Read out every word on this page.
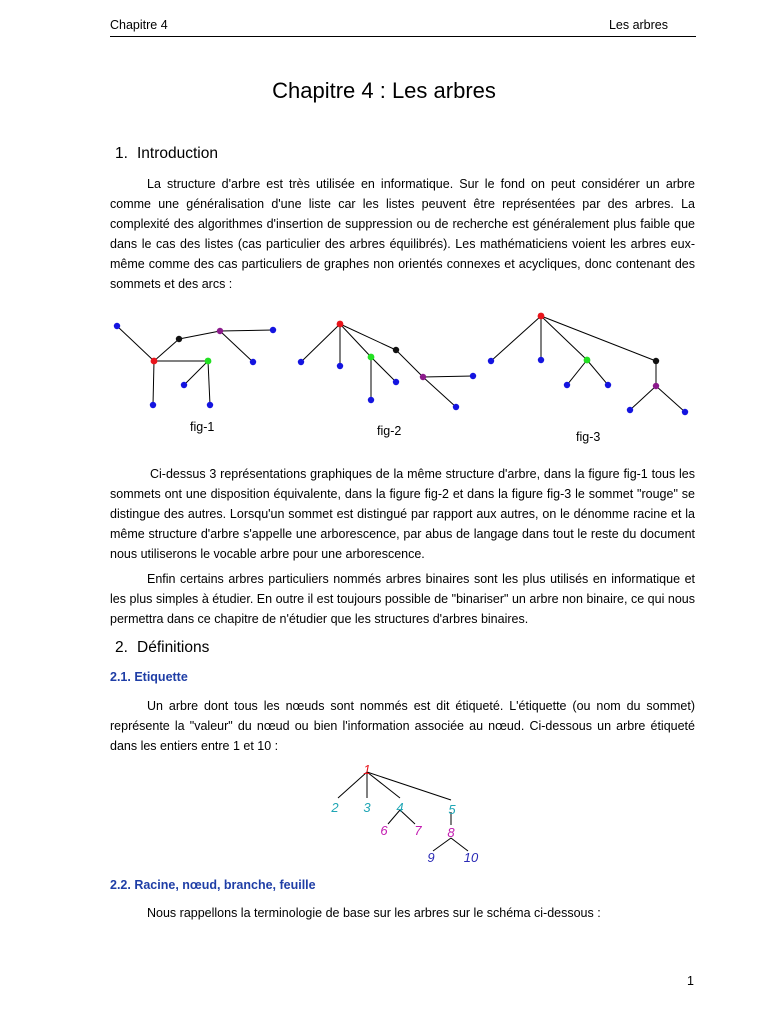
Chapitre 4	Les arbres
Chapitre 4 : Les arbres
1. Introduction
La structure d'arbre est très utilisée en informatique. Sur le fond on peut considérer un arbre comme une généralisation d'une liste car les listes peuvent être représentées par des arbres. La complexité des algorithmes d'insertion de suppression ou de recherche est généralement plus faible que dans le cas des listes (cas particulier des arbres équilibrés). Les mathématiciens voient les arbres eux-même comme des cas particuliers de graphes non orientés connexes et acycliques, donc contenant des sommets et des arcs :
fig-1	fig-2	fig-3
Ci-dessus 3 représentations graphiques de la même structure d'arbre, dans la figure fig-1 tous les sommets ont une disposition équivalente, dans la figure fig-2 et dans la figure fig-3 le sommet "rouge" se distingue des autres. Lorsqu'un sommet est distingué par rapport aux autres, on le dénomme racine et la même structure d'arbre s'appelle une arborescence, par abus de langage dans tout le reste du document nous utiliserons le vocable arbre pour une arborescence.
Enfin certains arbres particuliers nommés arbres binaires sont les plus utilisés en informatique et les plus simples à étudier. En outre il est toujours possible de "binariser" un arbre non binaire, ce qui nous permettra dans ce chapitre de n'étudier que les structures d'arbres binaires.
2. Définitions
2.1. Etiquette
Un arbre dont tous les nœuds sont nommés est dit étiqueté. L'étiquette (ou nom du sommet) représente la "valeur" du nœud ou bien l'information associée au nœud. Ci-dessous un arbre étiqueté dans les entiers entre 1 et 10 :
1
2 3 4	5
6 7 8
9 10
2.2. Racine, nœud, branche, feuille
Nous rappellons la terminologie de base sur les arbres sur le schéma ci-dessous :
1
